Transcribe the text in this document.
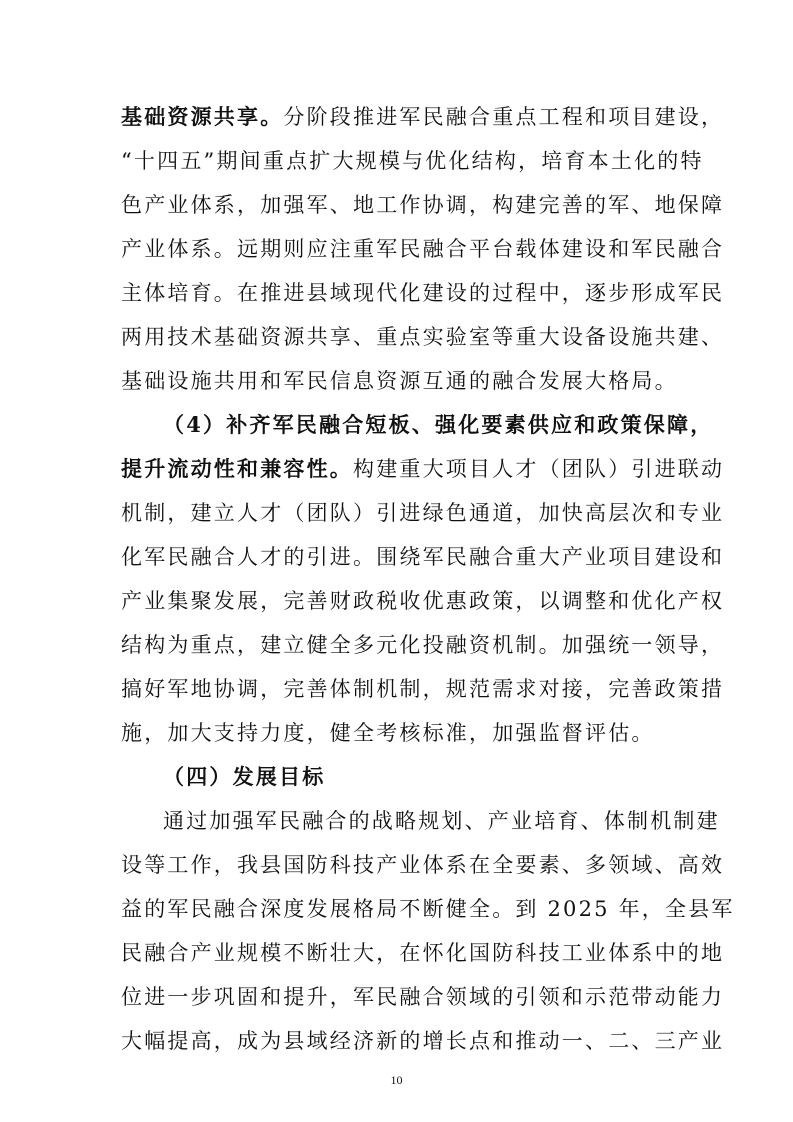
基础资源共享。分阶段推进军民融合重点工程和项目建设，
“十四五”期间重点扩大规模与优化结构，培育本土化的特
色产业体系，加强军、地工作协调，构建完善的军、地保障
产业体系。远期则应注重军民融合平台载体建设和军民融合
主体培育。在推进县域现代化建设的过程中，逐步形成军民
两用技术基础资源共享、重点实验室等重大设备设施共建、
基础设施共用和军民信息资源互通的融合发展大格局。
（4）补齐军民融合短板、强化要素供应和政策保障，
提升流动性和兼容性。构建重大项目人才（团队）引进联动
机制，建立人才（团队）引进绿色通道，加快高层次和专业
化军民融合人才的引进。围绕军民融合重大产业项目建设和
产业集聚发展，完善财政税收优惠政策，以调整和优化产权
结构为重点，建立健全多元化投融资机制。加强统一领导，
搞好军地协调，完善体制机制，规范需求对接，完善政策措
施，加大支持力度，健全考核标准，加强监督评估。
（四）发展目标
通过加强军民融合的战略规划、产业培育、体制机制建
设等工作，我县国防科技产业体系在全要素、多领域、高效
益的军民融合深度发展格局不断健全。到 2025 年，全县军
民融合产业规模不断壮大，在怀化国防科技工业体系中的地
位进一步巩固和提升，军民融合领域的引领和示范带动能力
大幅提高，成为县域经济新的增长点和推动一、二、三产业
10
